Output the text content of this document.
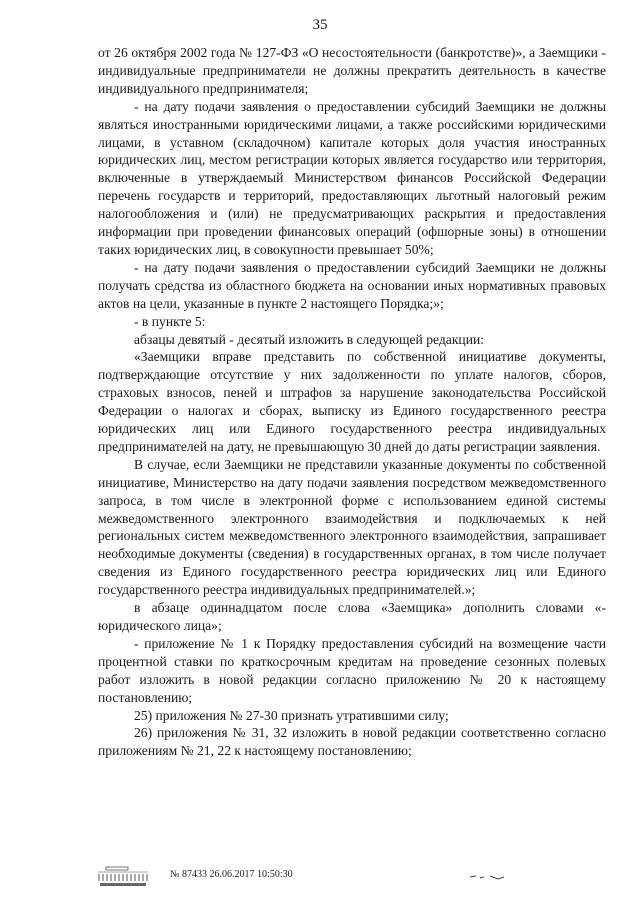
35

от 26 октября 2002 года № 127-ФЗ «О несостоятельности (банкротстве)», а Заемщики - индивидуальные предприниматели не должны прекратить деятельность в качестве индивидуального предпринимателя;

- на дату подачи заявления о предоставлении субсидий Заемщики не должны являться иностранными юридическими лицами, а также российскими юридическими лицами, в уставном (складочном) капитале которых доля участия иностранных юридических лиц, местом регистрации которых является государство или территория, включенные в утверждаемый Министерством финансов Российской Федерации перечень государств и территорий, предоставляющих льготный налоговый режим налогообложения и (или) не предусматривающих раскрытия и предоставления информации при проведении финансовых операций (офшорные зоны) в отношении таких юридических лиц, в совокупности превышает 50%;

- на дату подачи заявления о предоставлении субсидий Заемщики не должны получать средства из областного бюджета на основании иных нормативных правовых актов на цели, указанные в пункте 2 настоящего Порядка;»;

- в пункте 5:

абзацы девятый - десятый изложить в следующей редакции:

«Заемщики вправе представить по собственной инициативе документы, подтверждающие отсутствие у них задолженности по уплате налогов, сборов, страховых взносов, пеней и штрафов за нарушение законодательства Российской Федерации о налогах и сборах, выписку из Единого государственного реестра юридических лиц или Единого государственного реестра индивидуальных предпринимателей на дату, не превышающую 30 дней до даты регистрации заявления.

В случае, если Заемщики не представили указанные документы по собственной инициативе, Министерство на дату подачи заявления посредством межведомственного запроса, в том числе в электронной форме с использованием единой системы межведомственного электронного взаимодействия и подключаемых к ней региональных систем межведомственного электронного взаимодействия, запрашивает необходимые документы (сведения) в государственных органах, в том числе получает сведения из Единого государственного реестра юридических лиц или Единого государственного реестра индивидуальных предпринимателей.»;

в абзаце одиннадцатом после слова «Заемщика» дополнить словами «- юридического лица»;

- приложение № 1 к Порядку предоставления субсидий на возмещение части процентной ставки по краткосрочным кредитам на проведение сезонных полевых работ изложить в новой редакции согласно приложению № 20 к настоящему постановлению;

25) приложения № 27-30 признать утратившими силу;

26) приложения № 31, 32 изложить в новой редакции соответственно согласно приложениям № 21, 22 к настоящему постановлению;

№ 87433 26.06.2017 10:50:30
